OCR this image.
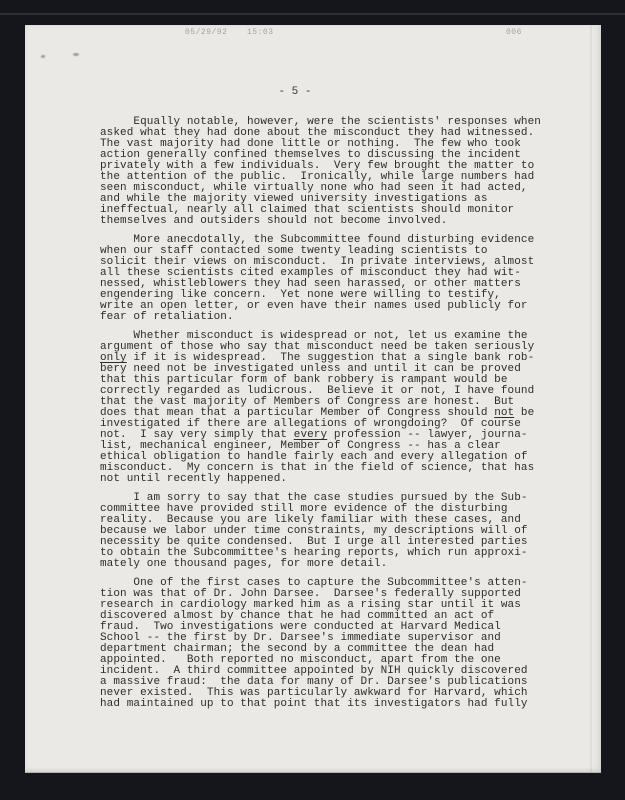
05/29/92 15:03	006
- 5 -
Equally notable, however, were the scientists' responses when
asked what they had done about the misconduct they had witnessed.
The vast majority had done little or nothing.  The few who took
action generally confined themselves to discussing the incident
privately with a few individuals.  Very few brought the matter to
the attention of the public.  Ironically, while large numbers had
seen misconduct, while virtually none who had seen it had acted,
and while the majority viewed university investigations as
ineffectual, nearly all claimed that scientists should monitor
themselves and outsiders should not become involved.
More anecdotally, the Subcommittee found disturbing evidence
when our staff contacted some twenty leading scientists to
solicit their views on misconduct.  In private interviews, almost
all these scientists cited examples of misconduct they had wit-
nessed, whistleblowers they had seen harassed, or other matters
engendering like concern.  Yet none were willing to testify,
write an open letter, or even have their names used publicly for
fear of retaliation.
Whether misconduct is widespread or not, let us examine the
argument of those who say that misconduct need be taken seriously
only if it is widespread.  The suggestion that a single bank rob-
bery need not be investigated unless and until it can be proved
that this particular form of bank robbery is rampant would be
correctly regarded as ludicrous.  Believe it or not, I have found
that the vast majority of Members of Congress are honest.  But
does that mean that a particular Member of Congress should not be
investigated if there are allegations of wrongdoing?  Of course
not.  I say very simply that every profession -- lawyer, journa-
list, mechanical engineer, Member of Congress -- has a clear
ethical obligation to handle fairly each and every allegation of
misconduct.  My concern is that in the field of science, that has
not until recently happened.
I am sorry to say that the case studies pursued by the Sub-
committee have provided still more evidence of the disturbing
reality.  Because you are likely familiar with these cases, and
because we labor under time constraints, my descriptions will of
necessity be quite condensed.  But I urge all interested parties
to obtain the Subcommittee's hearing reports, which run approxi-
mately one thousand pages, for more detail.
One of the first cases to capture the Subcommittee's atten-
tion was that of Dr. John Darsee.  Darsee's federally supported
research in cardiology marked him as a rising star until it was
discovered almost by chance that he had committed an act of
fraud.  Two investigations were conducted at Harvard Medical
School -- the first by Dr. Darsee's immediate supervisor and
department chairman; the second by a committee the dean had
appointed.   Both reported no misconduct, apart from the one
incident.  A third committee appointed by NIH quickly discovered
a massive fraud:  the data for many of Dr. Darsee's publications
never existed.  This was particularly awkward for Harvard, which
had maintained up to that point that its investigators had fully
